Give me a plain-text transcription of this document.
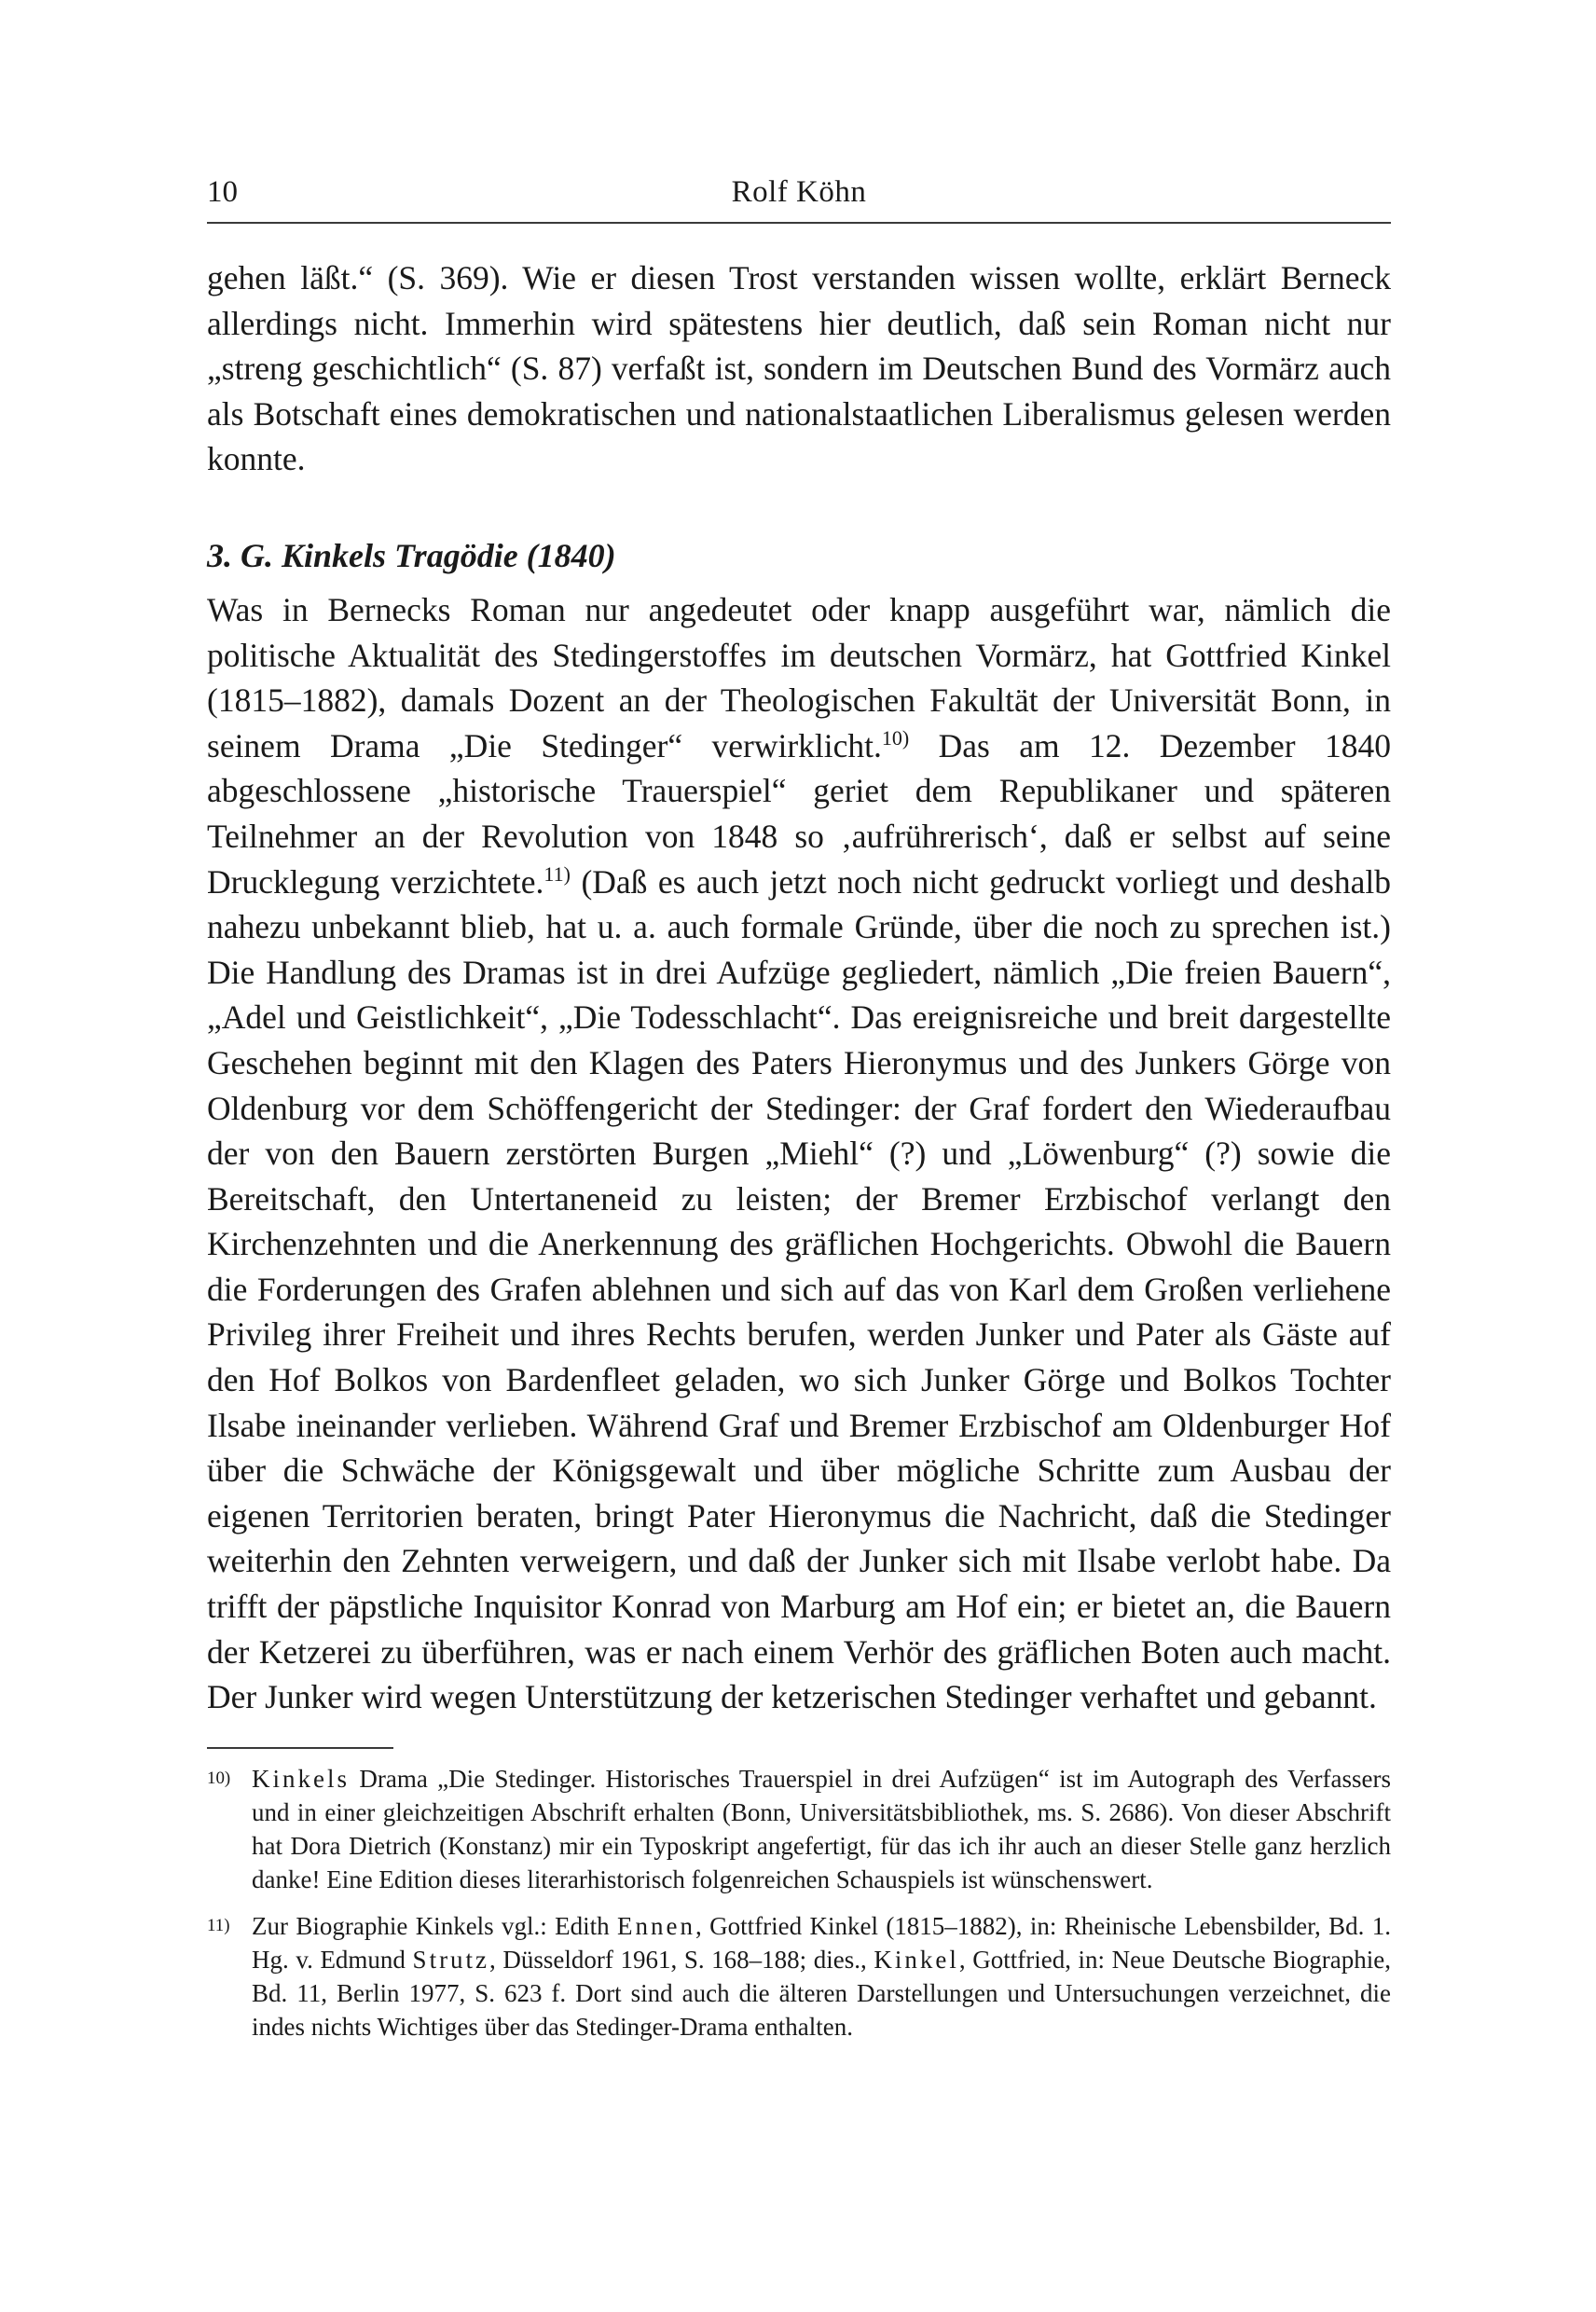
10	Rolf Köhn

gehen läßt.“ (S. 369). Wie er diesen Trost verstanden wissen wollte, erklärt Berneck allerdings nicht. Immerhin wird spätestens hier deutlich, daß sein Roman nicht nur „streng geschichtlich“ (S. 87) verfaßt ist, sondern im Deutschen Bund des Vormärz auch als Botschaft eines demokratischen und nationalstaatlichen Liberalismus gelesen werden konnte.

3. G. Kinkels Tragödie (1840)

Was in Bernecks Roman nur angedeutet oder knapp ausgeführt war, nämlich die politische Aktualität des Stedingerstoffes im deutschen Vormärz, hat Gottfried Kinkel (1815–1882), damals Dozent an der Theologischen Fakultät der Universität Bonn, in seinem Drama „Die Stedinger“ verwirklicht.$^{10)}$ Das am 12. Dezember 1840 abgeschlossene „historische Trauerspiel“ geriet dem Republikaner und späteren Teilnehmer an der Revolution von 1848 so ‚aufrührerisch‘, daß er selbst auf seine Drucklegung verzichtete.$^{11)}$ (Daß es auch jetzt noch nicht gedruckt vorliegt und deshalb nahezu unbekannt blieb, hat u. a. auch formale Gründe, über die noch zu sprechen ist.) Die Handlung des Dramas ist in drei Aufzüge gegliedert, nämlich „Die freien Bauern“, „Adel und Geistlichkeit“, „Die Todesschlacht“. Das ereignisreiche und breit dargestellte Geschehen beginnt mit den Klagen des Paters Hieronymus und des Junkers Görge von Oldenburg vor dem Schöffengericht der Stedinger: der Graf fordert den Wiederaufbau der von den Bauern zerstörten Burgen „Miehl“ (?) und „Löwenburg“ (?) sowie die Bereitschaft, den Untertaneneid zu leisten; der Bremer Erzbischof verlangt den Kirchenzehnten und die Anerkennung des gräflichen Hochgerichts. Obwohl die Bauern die Forderungen des Grafen ablehnen und sich auf das von Karl dem Großen verliehene Privileg ihrer Freiheit und ihres Rechts berufen, werden Junker und Pater als Gäste auf den Hof Bolkos von Bardenfleet geladen, wo sich Junker Görge und Bolkos Tochter Ilsabe ineinander verlieben. Während Graf und Bremer Erzbischof am Oldenburger Hof über die Schwäche der Königsgewalt und über mögliche Schritte zum Ausbau der eigenen Territorien beraten, bringt Pater Hieronymus die Nachricht, daß die Stedinger weiterhin den Zehnten verweigern, und daß der Junker sich mit Ilsabe verlobt habe. Da trifft der päpstliche Inquisitor Konrad von Marburg am Hof ein; er bietet an, die Bauern der Ketzerei zu überführen, was er nach einem Verhör des gräflichen Boten auch macht. Der Junker wird wegen Unterstützung der ketzerischen Stedinger verhaftet und gebannt.

$^{10)}$ Kinkels Drama „Die Stedinger. Historisches Trauerspiel in drei Aufzügen“ ist im Autograph des Verfassers und in einer gleichzeitigen Abschrift erhalten (Bonn, Universitätsbibliothek, ms. S. 2686). Von dieser Abschrift hat Dora Dietrich (Konstanz) mir ein Typoskript angefertigt, für das ich ihr auch an dieser Stelle ganz herzlich danke! Eine Edition dieses literarhistorisch folgenreichen Schauspiels ist wünschenswert.

$^{11)}$ Zur Biographie Kinkels vgl.: Edith Ennen, Gottfried Kinkel (1815–1882), in: Rheinische Lebensbilder, Bd. 1. Hg. v. Edmund Strutz, Düsseldorf 1961, S. 168–188; dies., Kinkel, Gottfried, in: Neue Deutsche Biographie, Bd. 11, Berlin 1977, S. 623 f. Dort sind auch die älteren Darstellungen und Untersuchungen verzeichnet, die indes nichts Wichtiges über das Stedinger-Drama enthalten.
